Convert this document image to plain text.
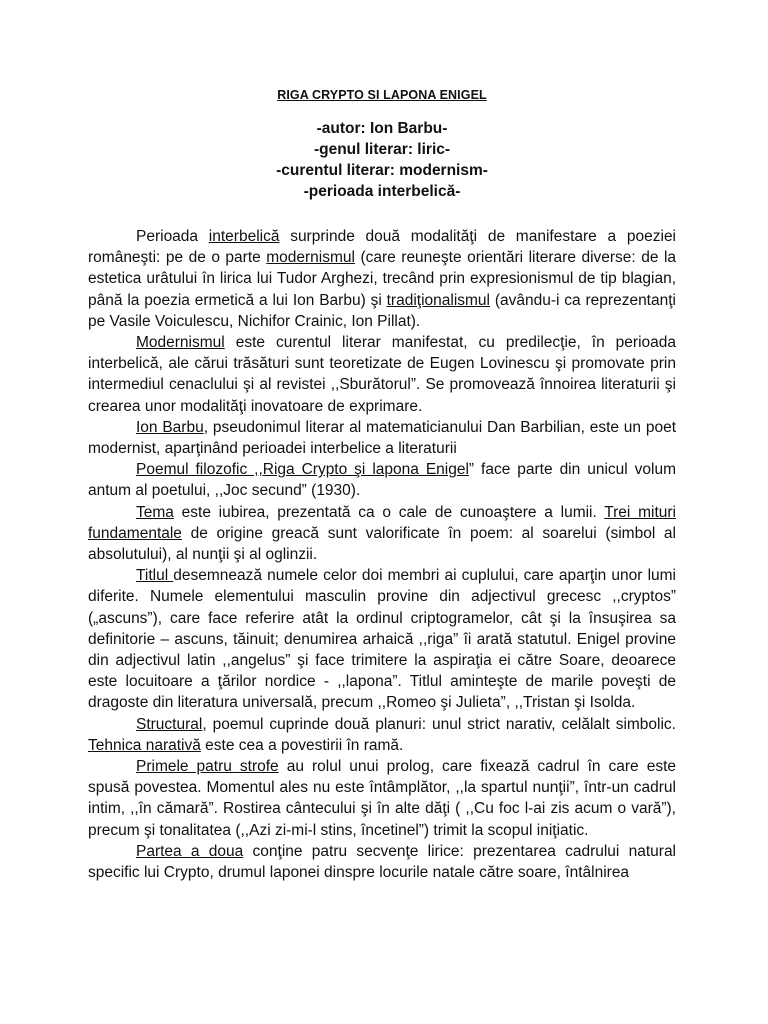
RIGA CRYPTO SI LAPONA ENIGEL
-autor: Ion Barbu-
-genul literar: liric-
-curentul literar: modernism-
-perioada interbelică-

Perioada interbelică surprinde două modalităţi de manifestare a poeziei româneşti: pe de o parte modernismul (care reuneşte orientări literare diverse: de la estetica urâtului în lirica lui Tudor Arghezi, trecând prin expresionismul de tip blagian, până la poezia ermetică a lui Ion Barbu) şi tradiţionalismul (avându-i ca reprezentanţi pe Vasile Voiculescu, Nichifor Crainic, Ion Pillat).

Modernismul este curentul literar manifestat, cu predilecţie, în perioada interbelică, ale cărui trăsături sunt teoretizate de Eugen Lovinescu şi promovate prin intermediul cenaclului şi al revistei ,,Sburătorul”. Se promovează înnoirea literaturii şi crearea unor modalităţi inovatoare de exprimare.

Ion Barbu, pseudonimul literar al matematicianului Dan Barbilian, este un poet modernist, aparţinând perioadei interbelice a literaturii

Poemul filozofic ,,Riga Crypto şi lapona Enigel” face parte din unicul volum antum al poetului, ,,Joc secund” (1930).

Tema este iubirea, prezentată ca o cale de cunoaştere a lumii. Trei mituri fundamentale de origine greacă sunt valorificate în poem: al soarelui (simbol al absolutului), al nunţii şi al oglinzii.

Titlul desemnează numele celor doi membri ai cuplului, care aparţin unor lumi diferite. Numele elementului masculin provine din adjectivul grecesc ,,cryptos” („ascuns”), care face referire atât la ordinul criptogramelor, cât şi la însuşirea sa definitorie – ascuns, tăinuit; denumirea arhaică ,,riga” îi arată statutul. Enigel provine din adjectivul latin ,,angelus” şi face trimitere la aspiraţia ei către Soare, deoarece este locuitoare a ţărilor nordice - ,,lapona”. Titlul aminteşte de marile poveşti de dragoste din literatura universală, precum ,,Romeo şi Julieta”, ,,Tristan şi Isolda.

Structural, poemul cuprinde două planuri: unul strict narativ, celălalt simbolic. Tehnica narativă este cea a povestirii în ramă.

Primele patru strofe au rolul unui prolog, care fixează cadrul în care este spusă povestea. Momentul ales nu este întâmplător, ,,la spartul nunţii”, într-un cadrul intim, ,,în cămară”. Rostirea cântecului şi în alte dăţi ( ,,Cu foc l-ai zis acum o vară”), precum şi tonalitatea (,,Azi zi-mi-l stins, încetinel”) trimit la scopul iniţiatic.

Partea a doua conţine patru secvenţe lirice: prezentarea cadrului natural specific lui Crypto, drumul laponei dinspre locurile natale către soare, întâlnirea
